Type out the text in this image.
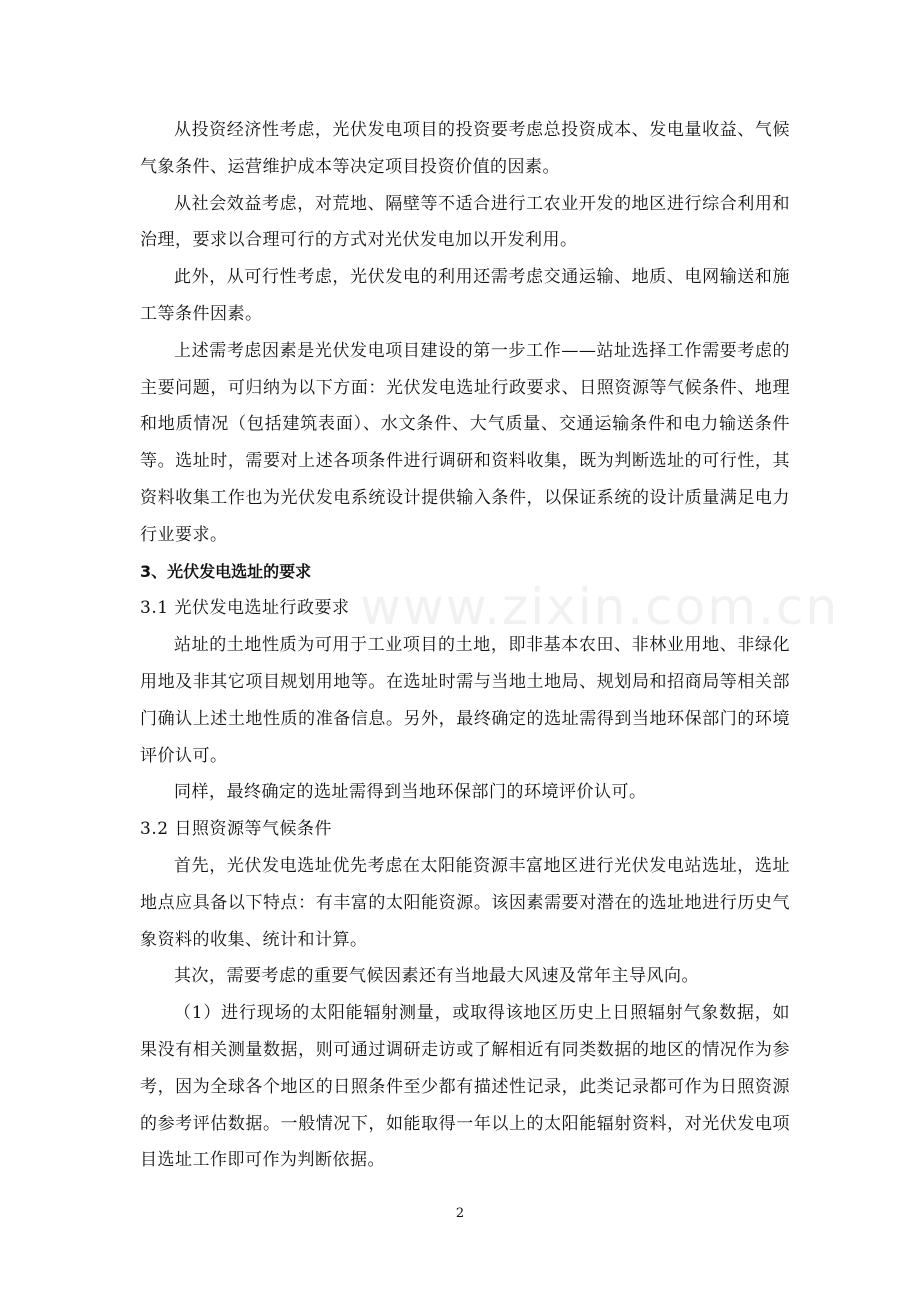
从投资经济性考虑，光伏发电项目的投资要考虑总投资成本、发电量收益、气候气象条件、运营维护成本等决定项目投资价值的因素。

从社会效益考虑，对荒地、隔壁等不适合进行工农业开发的地区进行综合利用和治理，要求以合理可行的方式对光伏发电加以开发利用。

此外，从可行性考虑，光伏发电的利用还需考虑交通运输、地质、电网输送和施工等条件因素。

上述需考虑因素是光伏发电项目建设的第一步工作——站址选择工作需要考虑的主要问题，可归纳为以下方面：光伏发电选址行政要求、日照资源等气候条件、地理和地质情况（包括建筑表面）、水文条件、大气质量、交通运输条件和电力输送条件等。选址时，需要对上述各项条件进行调研和资料收集，既为判断选址的可行性，其资料收集工作也为光伏发电系统设计提供输入条件，以保证系统的设计质量满足电力行业要求。

3、光伏发电选址的要求

3.1 光伏发电选址行政要求

站址的土地性质为可用于工业项目的土地，即非基本农田、非林业用地、非绿化用地及非其它项目规划用地等。在选址时需与当地土地局、规划局和招商局等相关部门确认上述土地性质的准备信息。另外，最终确定的选址需得到当地环保部门的环境评价认可。

同样，最终确定的选址需得到当地环保部门的环境评价认可。

3.2 日照资源等气候条件

首先，光伏发电选址优先考虑在太阳能资源丰富地区进行光伏发电站选址，选址地点应具备以下特点：有丰富的太阳能资源。该因素需要对潜在的选址地进行历史气象资料的收集、统计和计算。

其次，需要考虑的重要气候因素还有当地最大风速及常年主导风向。

（1）进行现场的太阳能辐射测量，或取得该地区历史上日照辐射气象数据，如果没有相关测量数据，则可通过调研走访或了解相近有同类数据的地区的情况作为参考，因为全球各个地区的日照条件至少都有描述性记录，此类记录都可作为日照资源的参考评估数据。一般情况下，如能取得一年以上的太阳能辐射资料，对光伏发电项目选址工作即可作为判断依据。

www.zixin.com.cn
2
